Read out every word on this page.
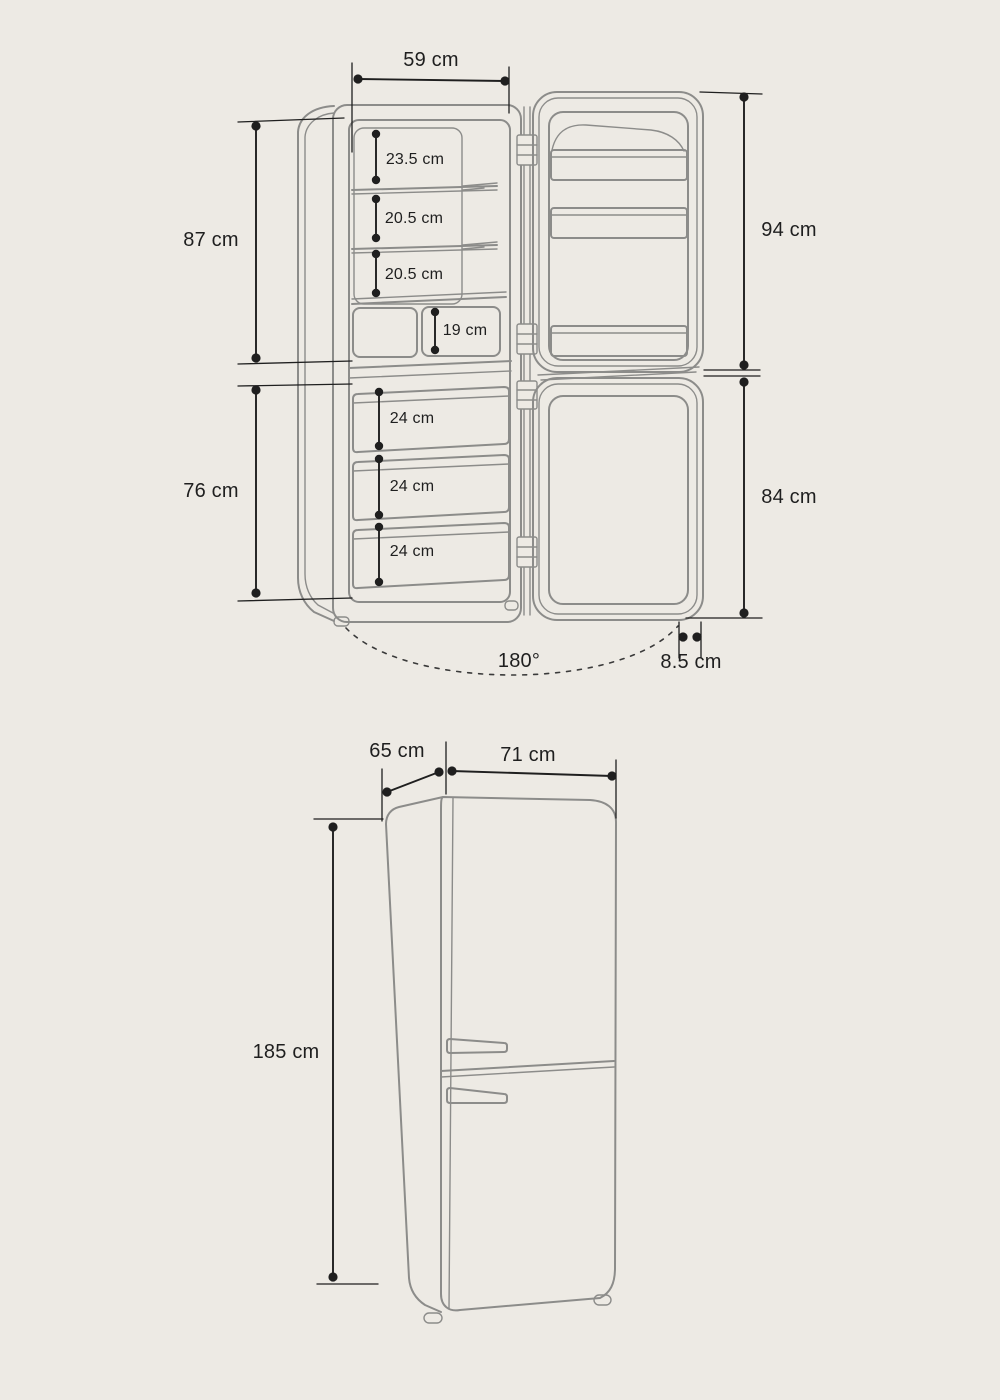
59 cm
87 cm
76 cm
94 cm
84 cm
23.5 cm
20.5 cm
20.5 cm
19 cm
24 cm
24 cm
24 cm
180°	8.5 cm
65 cm	71 cm
185 cm
